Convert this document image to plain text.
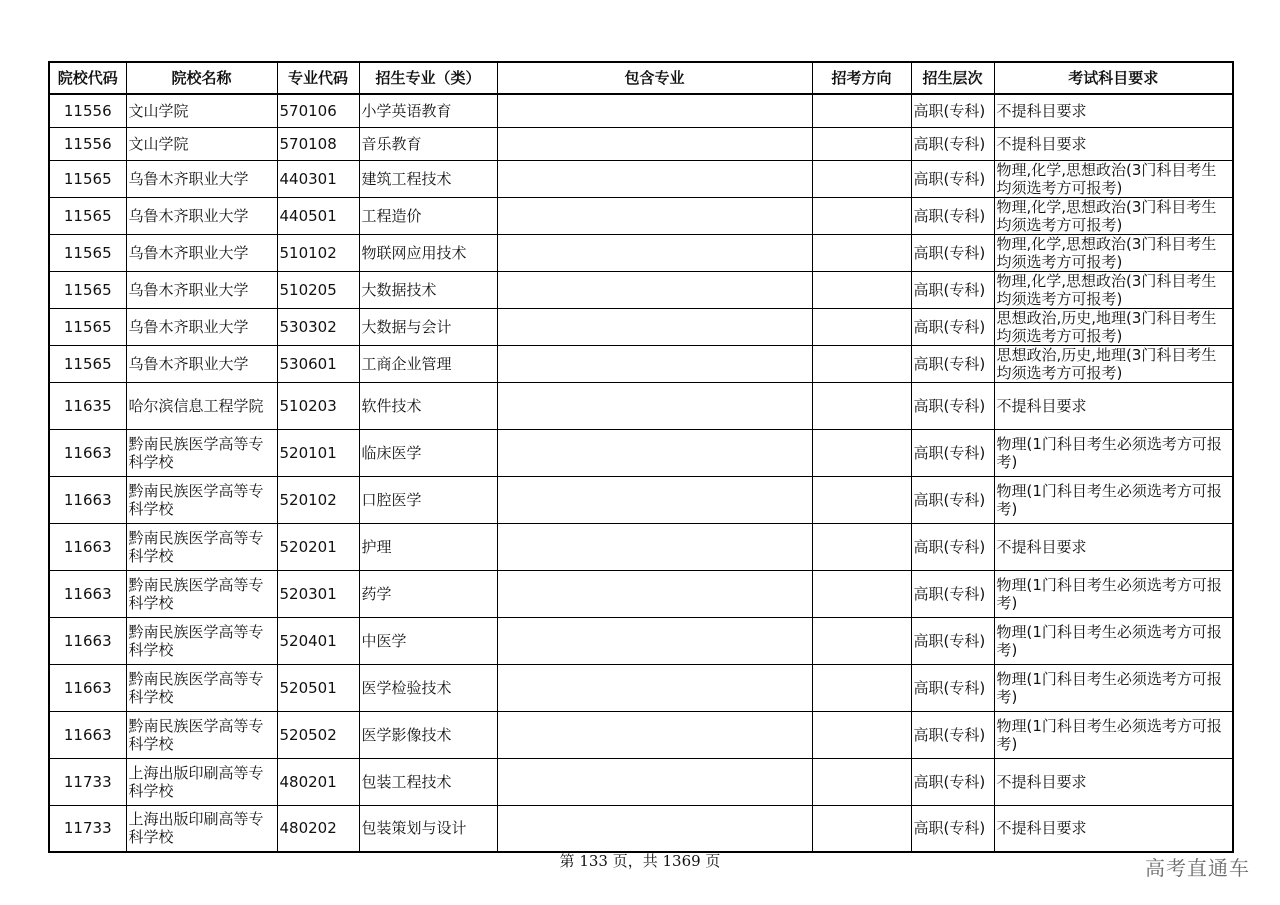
院校代码	院校名称	专业代码	招生专业（类）	包含专业	招考方向	招生层次	考试科目要求
11556	文山学院	570106	小学英语教育			高职(专科)	不提科目要求
11556	文山学院	570108	音乐教育			高职(专科)	不提科目要求
11565	乌鲁木齐职业大学	440301	建筑工程技术			高职(专科)	物理,化学,思想政治(3门科目考生均须选考方可报考)
11565	乌鲁木齐职业大学	440501	工程造价			高职(专科)	物理,化学,思想政治(3门科目考生均须选考方可报考)
11565	乌鲁木齐职业大学	510102	物联网应用技术			高职(专科)	物理,化学,思想政治(3门科目考生均须选考方可报考)
11565	乌鲁木齐职业大学	510205	大数据技术			高职(专科)	物理,化学,思想政治(3门科目考生均须选考方可报考)
11565	乌鲁木齐职业大学	530302	大数据与会计			高职(专科)	思想政治,历史,地理(3门科目考生均须选考方可报考)
11565	乌鲁木齐职业大学	530601	工商企业管理			高职(专科)	思想政治,历史,地理(3门科目考生均须选考方可报考)
11635	哈尔滨信息工程学院	510203	软件技术			高职(专科)	不提科目要求
11663	黔南民族医学高等专科学校	520101	临床医学			高职(专科)	物理(1门科目考生必须选考方可报考)
11663	黔南民族医学高等专科学校	520102	口腔医学			高职(专科)	物理(1门科目考生必须选考方可报考)
11663	黔南民族医学高等专科学校	520201	护理			高职(专科)	不提科目要求
11663	黔南民族医学高等专科学校	520301	药学			高职(专科)	物理(1门科目考生必须选考方可报考)
11663	黔南民族医学高等专科学校	520401	中医学			高职(专科)	物理(1门科目考生必须选考方可报考)
11663	黔南民族医学高等专科学校	520501	医学检验技术			高职(专科)	物理(1门科目考生必须选考方可报考)
11663	黔南民族医学高等专科学校	520502	医学影像技术			高职(专科)	物理(1门科目考生必须选考方可报考)
11733	上海出版印刷高等专科学校	480201	包装工程技术			高职(专科)	不提科目要求
11733	上海出版印刷高等专科学校	480202	包装策划与设计			高职(专科)	不提科目要求
第 133 页，共 1369 页	高考直通车
